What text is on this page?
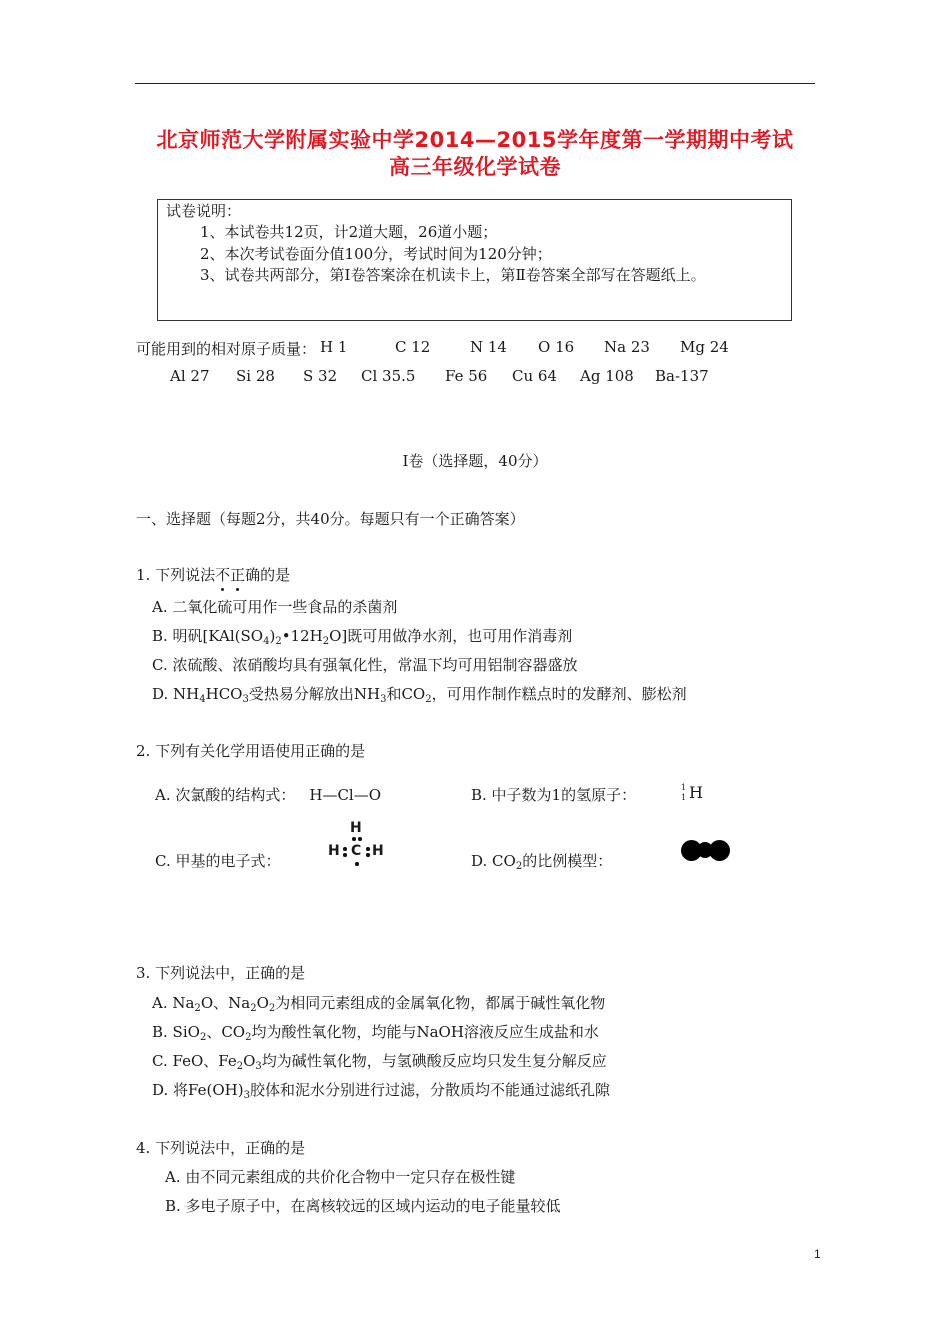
北京师范大学附属实验中学2014—2015学年度第一学期期中考试
高三年级化学试卷
试卷说明：
1、本试卷共12页，计2道大题，26道小题；
2、本次考试卷面分值100分，考试时间为120分钟；
3、试卷共两部分，第Ⅰ卷答案涂在机读卡上，第Ⅱ卷答案全部写在答题纸上。
可能用到的相对原子质量： H 1	C 12	N 14 O 16 Na 23 Mg 24
Al 27 Si 28 S 32 Cl 35.5 Fe 56 Cu 64 Ag 108 Ba-137
I卷（选择题，40分）
一、选择题（每题2分，共40分。每题只有一个正确答案）
1. 下列说法不正确的是
A. 二氧化硫可用作一些食品的杀菌剂
B. 明矾$[KAl(SO_4)_2•12H_2O]$既可用做净水剂，也可用作消毒剂
C. 浓硫酸、浓硝酸均具有强氧化性，常温下均可用铝制容器盛放
D. $NH_4HCO_3$受热易分解放出$NH_3$和$CO_2$，可用作制作糕点时的发酵剂、膨松剂
2. 下列有关化学用语使用正确的是
A. 次氯酸的结构式： H—Cl—O	B. 中子数为1的氢原子：	1
1 H
C. 甲基的电子式：
H
H C H
D. $CO_2$的比例模型：
3. 下列说法中，正确的是
A. $Na_2O$、$Na_2O_2$为相同元素组成的金属氧化物，都属于碱性氧化物
B. SiO$_2$、$CO_2$均为酸性氧化物，均能与NaOH溶液反应生成盐和水
C. FeO、$Fe_2O_3$均为碱性氧化物，与氢碘酸反应均只发生复分解反应
D. 将$Fe(OH)_3$胶体和泥水分别进行过滤，分散质均不能通过滤纸孔隙
4. 下列说法中，正确的是
A. 由不同元素组成的共价化合物中一定只存在极性键
B. 多电子原子中，在离核较远的区域内运动的电子能量较低
1
